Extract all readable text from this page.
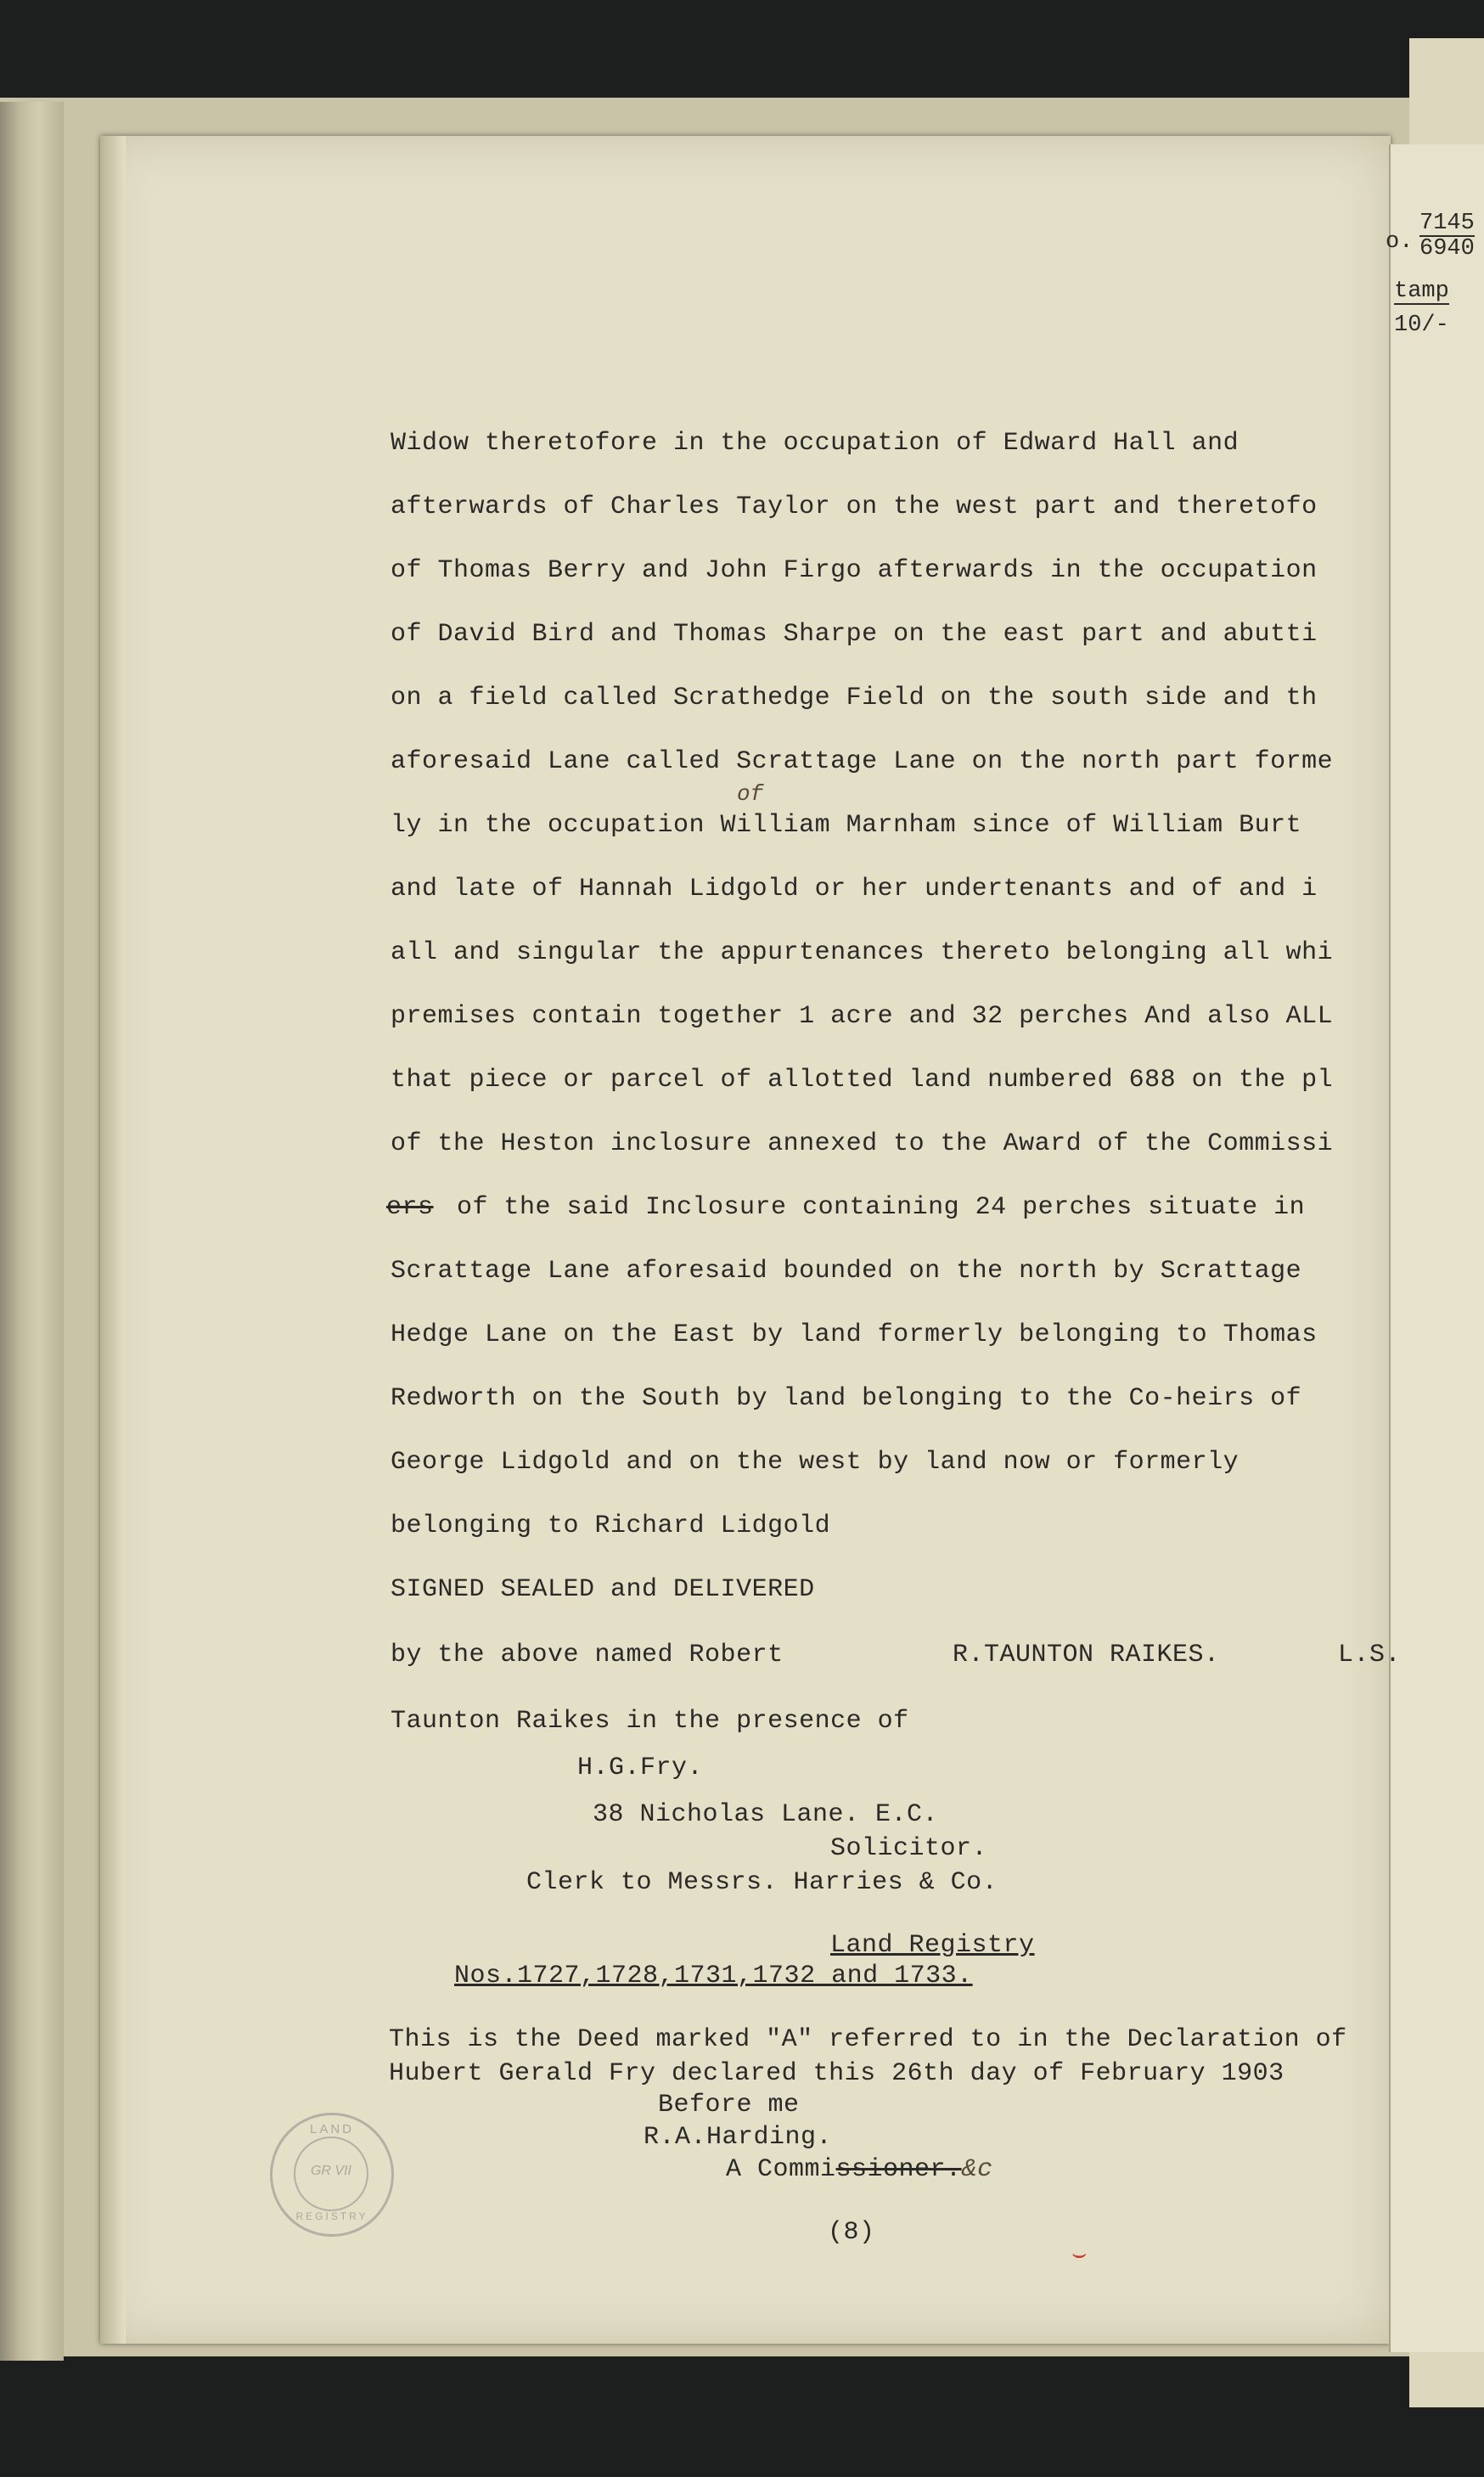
o.
7145
6940
tamp
10/-
Widow theretofore in the occupation of Edward Hall and
afterwards of Charles Taylor on the west part and theretofo
of Thomas Berry and John Firgo afterwards in the occupation
of David Bird and Thomas Sharpe on the east part and abutti
on a field called Scrathedge Field on the south side and th
aforesaid Lane called Scrattage Lane on the north part forme
of
ly in the occupation William Marnham since of William Burt
and late of Hannah Lidgold or her undertenants and of and i
all and singular the appurtenances thereto belonging all whi
premises contain together 1 acre and 32 perches And also ALL
that piece or parcel of allotted land numbered 688 on the pl
of the Heston inclosure annexed to the Award of the Commissi
ers of the said Inclosure containing 24 perches situate in
Scrattage Lane aforesaid bounded on the north by Scrattage
Hedge Lane on the East by land formerly belonging to Thomas
Redworth on the South by land belonging to the Co-heirs of
George Lidgold and on the west by land now or formerly
belonging to Richard Lidgold
SIGNED SEALED and DELIVERED
by the above named Robert	R.TAUNTON RAIKES.	L.S.
Taunton Raikes in the presence of
H.G.Fry.
38 Nicholas Lane. E.C.
Solicitor.
Clerk to Messrs. Harries & Co.
Land Registry
Nos.1727,1728,1731,1732 and 1733.
This is the Deed marked "A" referred to in the Declaration of
Hubert Gerald Fry declared this 26th day of February 1903
Before me
R.A.Harding.
A Commissioner.&c
(8)
LAND
GR VII
REGISTRY
⌣
